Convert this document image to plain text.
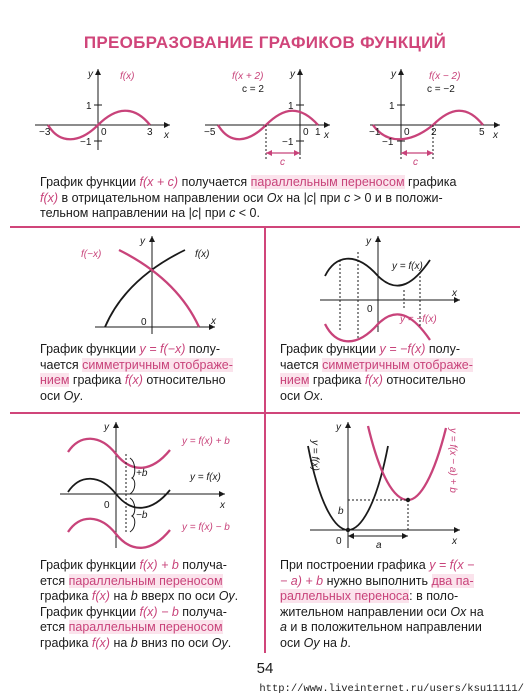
ПРЕОБРАЗОВАНИЕ ГРАФИКОВ ФУНКЦИЙ
y
x
f(x)
1
−1
−3	0	3
y
x
f(x + 2)
c = 2
1
−1
−5	0 1
c
y
x
f(x − 2)
c = −2
1
−1
−1 0 2	5
c
График функции f(x + c) получается параллельным переносом графика
f(x) в отрицательном направлении оси Ox на |c| при c > 0 и в положи-
тельном направлении на |c| при c < 0.
y
x
0
f(−x)	f(x)
График функции y = f(−x) полу-
чается симметричным отображе-
нием графика f(x) относительно
оси Oy.
y
x
0
y = f(x)
y = −f(x)
График функции y = −f(x) полу-
чается симметричным отображе-
нием графика f(x) относительно
оси Ox.
y
x
0
+b
−b
y = f(x) + b
y = f(x)
y = f(x) − b
График функции f(x) + b получа-
ется параллельным переносом
графика f(x) на b вверх по оси Oy.
График функции f(x) − b получа-
ется параллельным переносом
графика f(x) на b вниз по оси Oy.
y
x
0	a
b
y = f(x)	y = f(x − a) + b
При построении графика y = f(x −
− a) + b нужно выполнить два па-
раллельных переноса: в поло-
жительном направлении оси Ox на
a и в положительном направлении
оси Oy на b.
54
http://www.liveinternet.ru/users/ksu11111/
